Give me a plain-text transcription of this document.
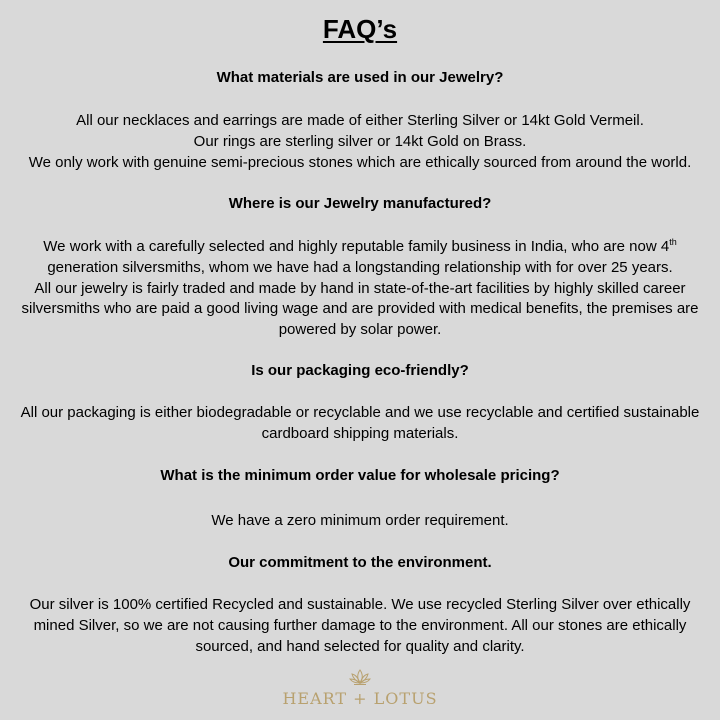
FAQ’s
What materials are used in our Jewelry?

All our necklaces and earrings are made of either Sterling Silver or 14kt Gold Vermeil.

Our rings are sterling silver or 14kt Gold on Brass.

We only work with genuine semi-precious stones which are ethically sourced from around the world.

Where is our Jewelry manufactured?

We work with a carefully selected and highly reputable family business in India, who are now 4th generation silversmiths, whom we have had a longstanding relationship with for over 25 years.

All our jewelry is fairly traded and made by hand in state-of-the-art facilities by highly skilled career silversmiths who are paid a good living wage and are provided with medical benefits, the premises are powered by solar power.

Is our packaging eco-friendly?
All our packaging is either biodegradable or recyclable and we use recyclable and certified sustainable cardboard shipping materials.
What is the minimum order value for wholesale pricing?
We have a zero minimum order requirement.
Our commitment to the environment.
Our silver is 100% certified Recycled and sustainable. We use recycled Sterling Silver over ethically mined Silver, so we are not causing further damage to the environment. All our stones are ethically sourced, and hand selected for quality and clarity.
HEART + LOTUS
